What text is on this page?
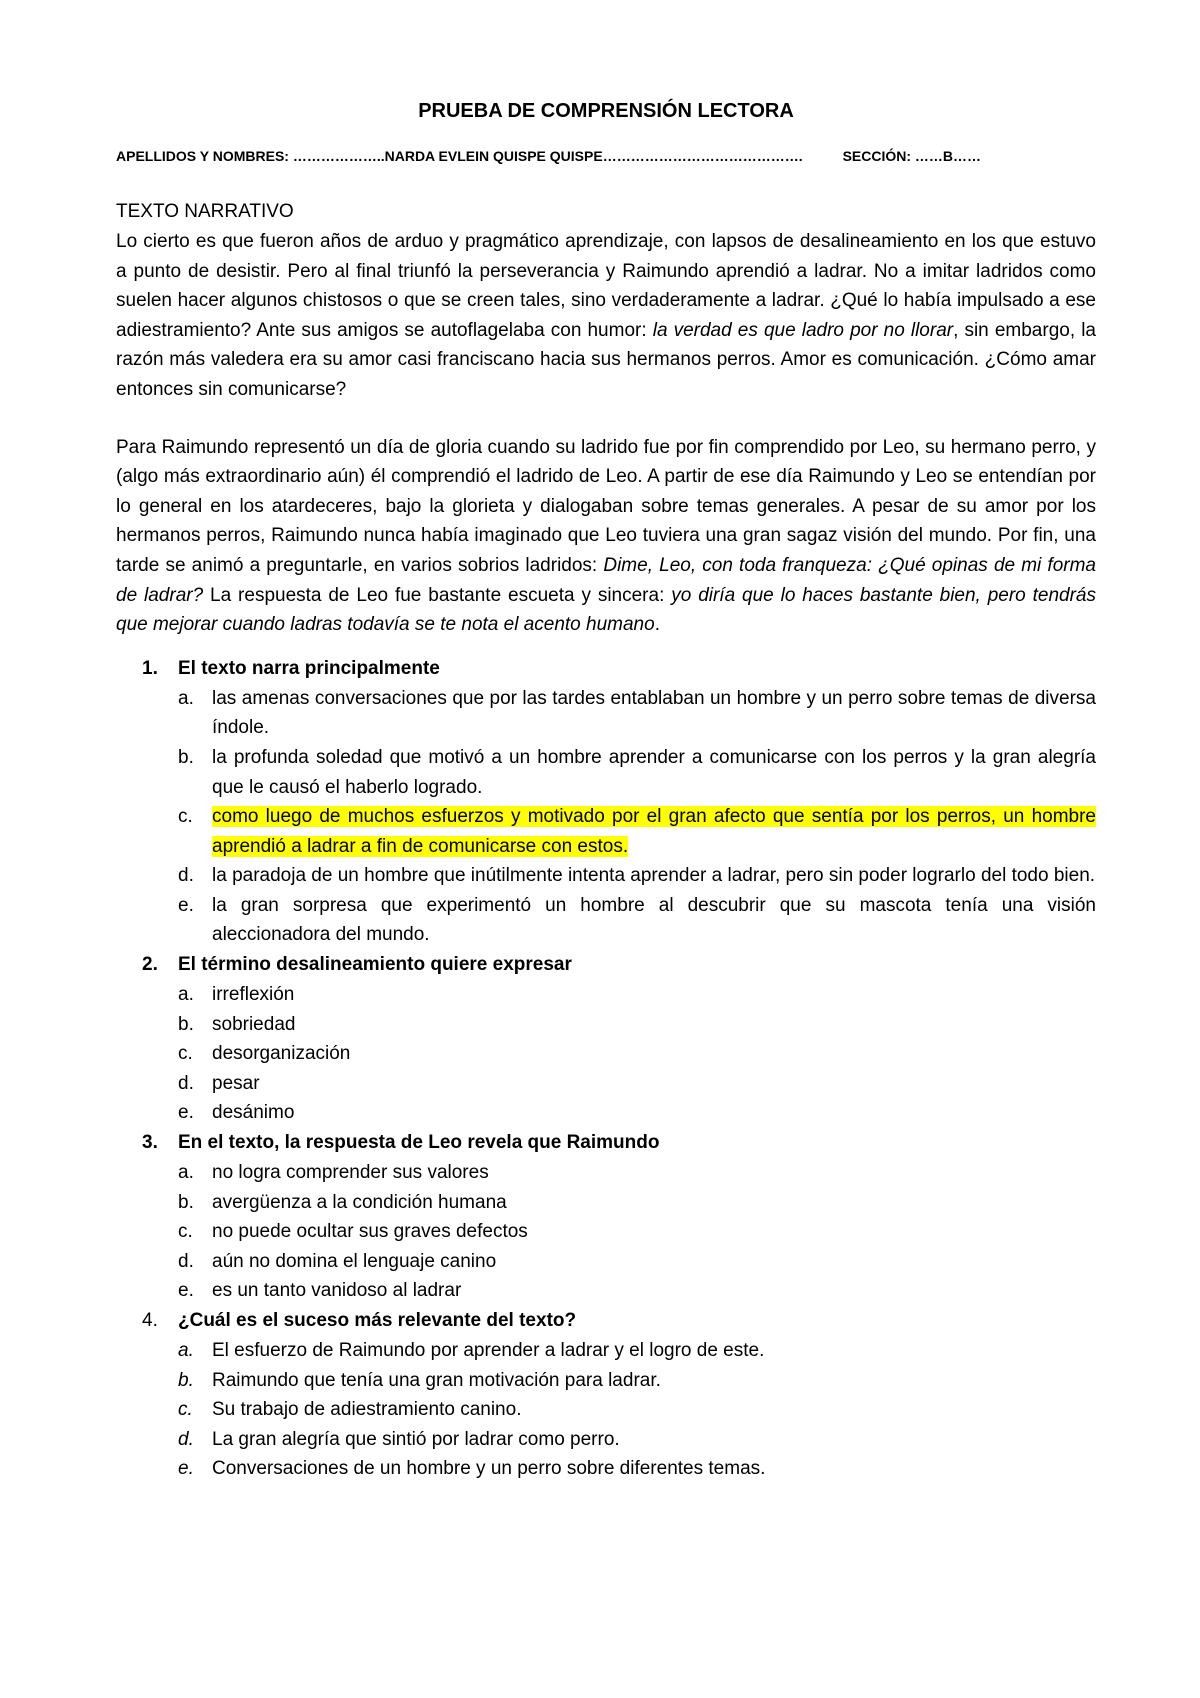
PRUEBA DE COMPRENSIÓN LECTORA
APELLIDOS Y NOMBRES: ………………..NARDA EVLEIN QUISPE QUISPE…………………………………….	SECCIÓN: ……B……
TEXTO NARRATIVO

Lo cierto es que fueron años de arduo y pragmático aprendizaje, con lapsos de desalineamiento en los que estuvo a punto de desistir. Pero al final triunfó la perseverancia y Raimundo aprendió a ladrar. No a imitar ladridos como suelen hacer algunos chistosos o que se creen tales, sino verdaderamente a ladrar. ¿Qué lo había impulsado a ese adiestramiento? Ante sus amigos se autoflagelaba con humor: la verdad es que ladro por no llorar, sin embargo, la razón más valedera era su amor casi franciscano hacia sus hermanos perros. Amor es comunicación. ¿Cómo amar entonces sin comunicarse?

Para Raimundo representó un día de gloria cuando su ladrido fue por fin comprendido por Leo, su hermano perro, y (algo más extraordinario aún) él comprendió el ladrido de Leo. A partir de ese día Raimundo y Leo se entendían por lo general en los atardeceres, bajo la glorieta y dialogaban sobre temas generales. A pesar de su amor por los hermanos perros, Raimundo nunca había imaginado que Leo tuviera una gran sagaz visión del mundo. Por fin, una tarde se animó a preguntarle, en varios sobrios ladridos: Dime, Leo, con toda franqueza: ¿Qué opinas de mi forma de ladrar? La respuesta de Leo fue bastante escueta y sincera: yo diría que lo haces bastante bien, pero tendrás que mejorar cuando ladras todavía se te nota el acento humano.

1.	El texto narra principalmente
a. las amenas conversaciones que por las tardes entablaban un hombre y un perro sobre temas de diversa índole.
b. la profunda soledad que motivó a un hombre aprender a comunicarse con los perros y la gran alegría que le causó el haberlo logrado.
c.	como luego de muchos esfuerzos y motivado por el gran afecto que sentía por los perros, un hombre aprendió a ladrar a fin de comunicarse con estos.
d. la paradoja de un hombre que inútilmente intenta aprender a ladrar, pero sin poder lograrlo del todo bien.
e. la gran sorpresa que experimentó un hombre al descubrir que su mascota tenía una visión aleccionadora del mundo.
2.	El término desalineamiento quiere expresar
a. irreflexión
b. sobriedad
c.	desorganización
d. pesar
e. desánimo
3.	En el texto, la respuesta de Leo revela que Raimundo
a. no logra comprender sus valores
b. avergüenza a la condición humana
c.	no puede ocultar sus graves defectos
d. aún no domina el lenguaje canino
e. es un tanto vanidoso al ladrar
4.	¿Cuál es el suceso más relevante del texto?
a. El esfuerzo de Raimundo por aprender a ladrar y el logro de este.
b. Raimundo que tenía una gran motivación para ladrar.
c.	Su trabajo de adiestramiento canino.
d. La gran alegría que sintió por ladrar como perro.
e. Conversaciones de un hombre y un perro sobre diferentes temas.
